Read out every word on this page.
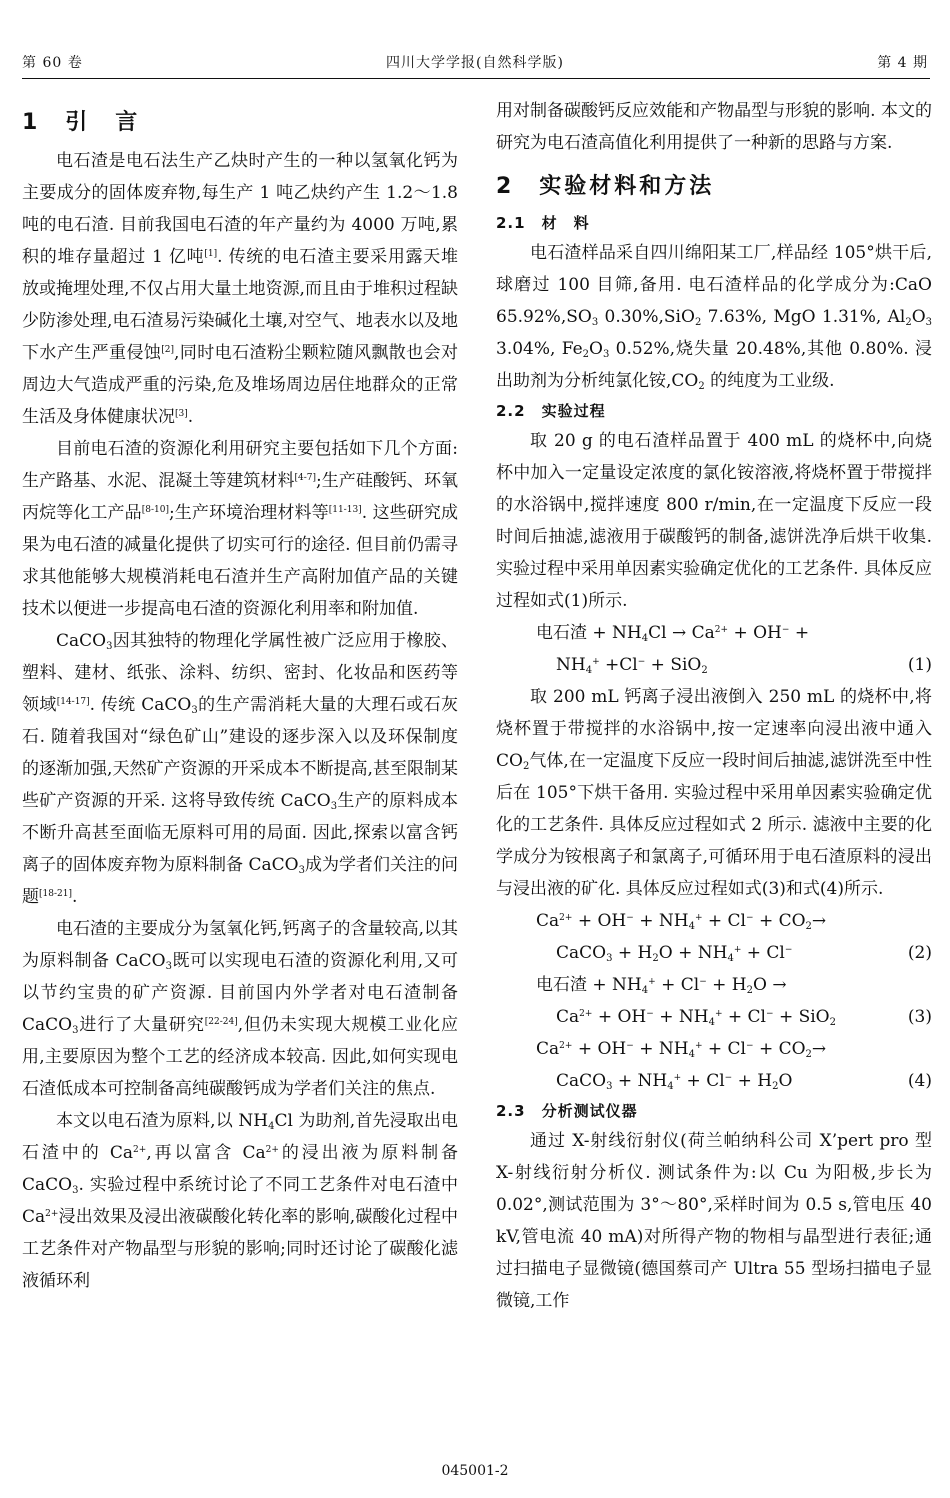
第 60 卷	四川大学学报(自然科学版)	第 4 期
1　引　言

电石渣是电石法生产乙炔时产生的一种以氢氧化钙为主要成分的固体废弃物,每生产 1 吨乙炔约产生 1.2～1.8 吨的电石渣. 目前我国电石渣的年产量约为 4000 万吨,累积的堆存量超过 1 亿吨[1]. 传统的电石渣主要采用露天堆放或掩埋处理,不仅占用大量土地资源,而且由于堆积过程缺少防渗处理,电石渣易污染碱化土壤,对空气、地表水以及地下水产生严重侵蚀[2],同时电石渣粉尘颗粒随风飘散也会对周边大气造成严重的污染,危及堆场周边居住地群众的正常生活及身体健康状况[3].

目前电石渣的资源化利用研究主要包括如下几个方面:生产路基、水泥、混凝土等建筑材料[4-7];生产硅酸钙、环氧丙烷等化工产品[8-10];生产环境治理材料等[11-13]. 这些研究成果为电石渣的减量化提供了切实可行的途径. 但目前仍需寻求其他能够大规模消耗电石渣并生产高附加值产品的关键技术以便进一步提高电石渣的资源化利用率和附加值.

CaCO$_3$因其独特的物理化学属性被广泛应用于橡胶、塑料、建材、纸张、涂料、纺织、密封、化妆品和医药等领域[14-17]. 传统 CaCO$_3$的生产需消耗大量的大理石或石灰石. 随着我国对“绿色矿山”建设的逐步深入以及环保制度的逐渐加强,天然矿产资源的开采成本不断提高,甚至限制某些矿产资源的开采. 这将导致传统 CaCO$_3$生产的原料成本不断升高甚至面临无原料可用的局面. 因此,探索以富含钙离子的固体废弃物为原料制备 CaCO$_3$成为学者们关注的问题[18-21].

电石渣的主要成分为氢氧化钙,钙离子的含量较高,以其为原料制备 CaCO$_3$既可以实现电石渣的资源化利用,又可以节约宝贵的矿产资源. 目前国内外学者对电石渣制备 CaCO$_3$进行了大量研究[22-24],但仍未实现大规模工业化应用,主要原因为整个工艺的经济成本较高. 因此,如何实现电石渣低成本可控制备高纯碳酸钙成为学者们关注的焦点.

本文以电石渣为原料,以 $NH_4Cl$ 为助剂,首先浸取出电石渣中的 $Ca^{2+}$,再以富含 $Ca^{2+}$的浸出液为原料制备 CaCO$_3$. 实验过程中系统讨论了不同工艺条件对电石渣中 $Ca^{2+}$浸出效果及浸出液碳酸化转化率的影响,碳酸化过程中工艺条件对产物晶型与形貌的影响;同时还讨论了碳酸化滤液循环利

用对制备碳酸钙反应效能和产物晶型与形貌的影响. 本文的研究为电石渣高值化利用提供了一种新的思路与方案.

2　实验材料和方法
2.1　材　料

电石渣样品采自四川绵阳某工厂,样品经 105°烘干后,球磨过 100 目筛,备用. 电石渣样品的化学成分为:CaO $65.92\%,SO_3$ 0.30%,SiO$_2$ 7.63%, MgO 1.31%, $Al_2O_3$ 3.04%, $Fe_2O_3$ 0.52%,烧失量 20.48%,其他 0.80%. 浸出助剂为分析纯氯化铵$,CO_2$ 的纯度为工业级.

2.2　实验过程

取 20 g 的电石渣样品置于 400 mL 的烧杯中,向烧杯中加入一定量设定浓度的氯化铵溶液,将烧杯置于带搅拌的水浴锅中,搅拌速度 800 r/min,在一定温度下反应一段时间后抽滤,滤液用于碳酸钙的制备,滤饼洗净后烘干收集. 实验过程中采用单因素实验确定优化的工艺条件. 具体反应过程如式(1)所示.

电石渣 + $NH_4Cl \to Ca^{2+} + OH^-$ +
$NH_4^+ +Cl^- + SiO_2$	(1)

取 200 mL 钙离子浸出液倒入 250 mL 的烧杯中,将烧杯置于带搅拌的水浴锅中,按一定速率向浸出液中通入 $CO_2$气体,在一定温度下反应一段时间后抽滤,滤饼洗至中性后在 105°下烘干备用. 实验过程中采用单因素实验确定优化的工艺条件. 具体反应过程如式 2 所示. 滤液中主要的化学成分为铵根离子和氯离子,可循环用于电石渣原料的浸出与浸出液的矿化. 具体反应过程如式(3)和式(4)所示.

$Ca^{2+} + OH^- + NH_4^+ + Cl^- + CO_2\to$
CaCO$_3$ + $H_2O + NH_4^+ + Cl^-$	(2)
电石渣 + $NH_4^+ + Cl^- + H_2O$ →
$Ca^{2+} + OH^- + NH_4^+ + Cl^- + SiO_2$	(3)
$Ca^{2+} + OH^- + NH_4^+ + Cl^- + CO_2\to$
CaCO$_3$ + $NH_4^+ + Cl^- + H_2O$	(4)
2.3　分析测试仪器

通过 X-射线衍射仪(荷兰帕纳科公司 X’pert pro 型 X-射线衍射分析仪. 测试条件为:以 Cu 为阳极,步长为 0.02°,测试范围为 3°～80°,采样时间为 0.5 s,管电压 40 kV,管电流 40 mA)对所得产物的物相与晶型进行表征;通过扫描电子显微镜(德国蔡司产 Ultra 55 型场扫描电子显微镜,工作

045001-2
